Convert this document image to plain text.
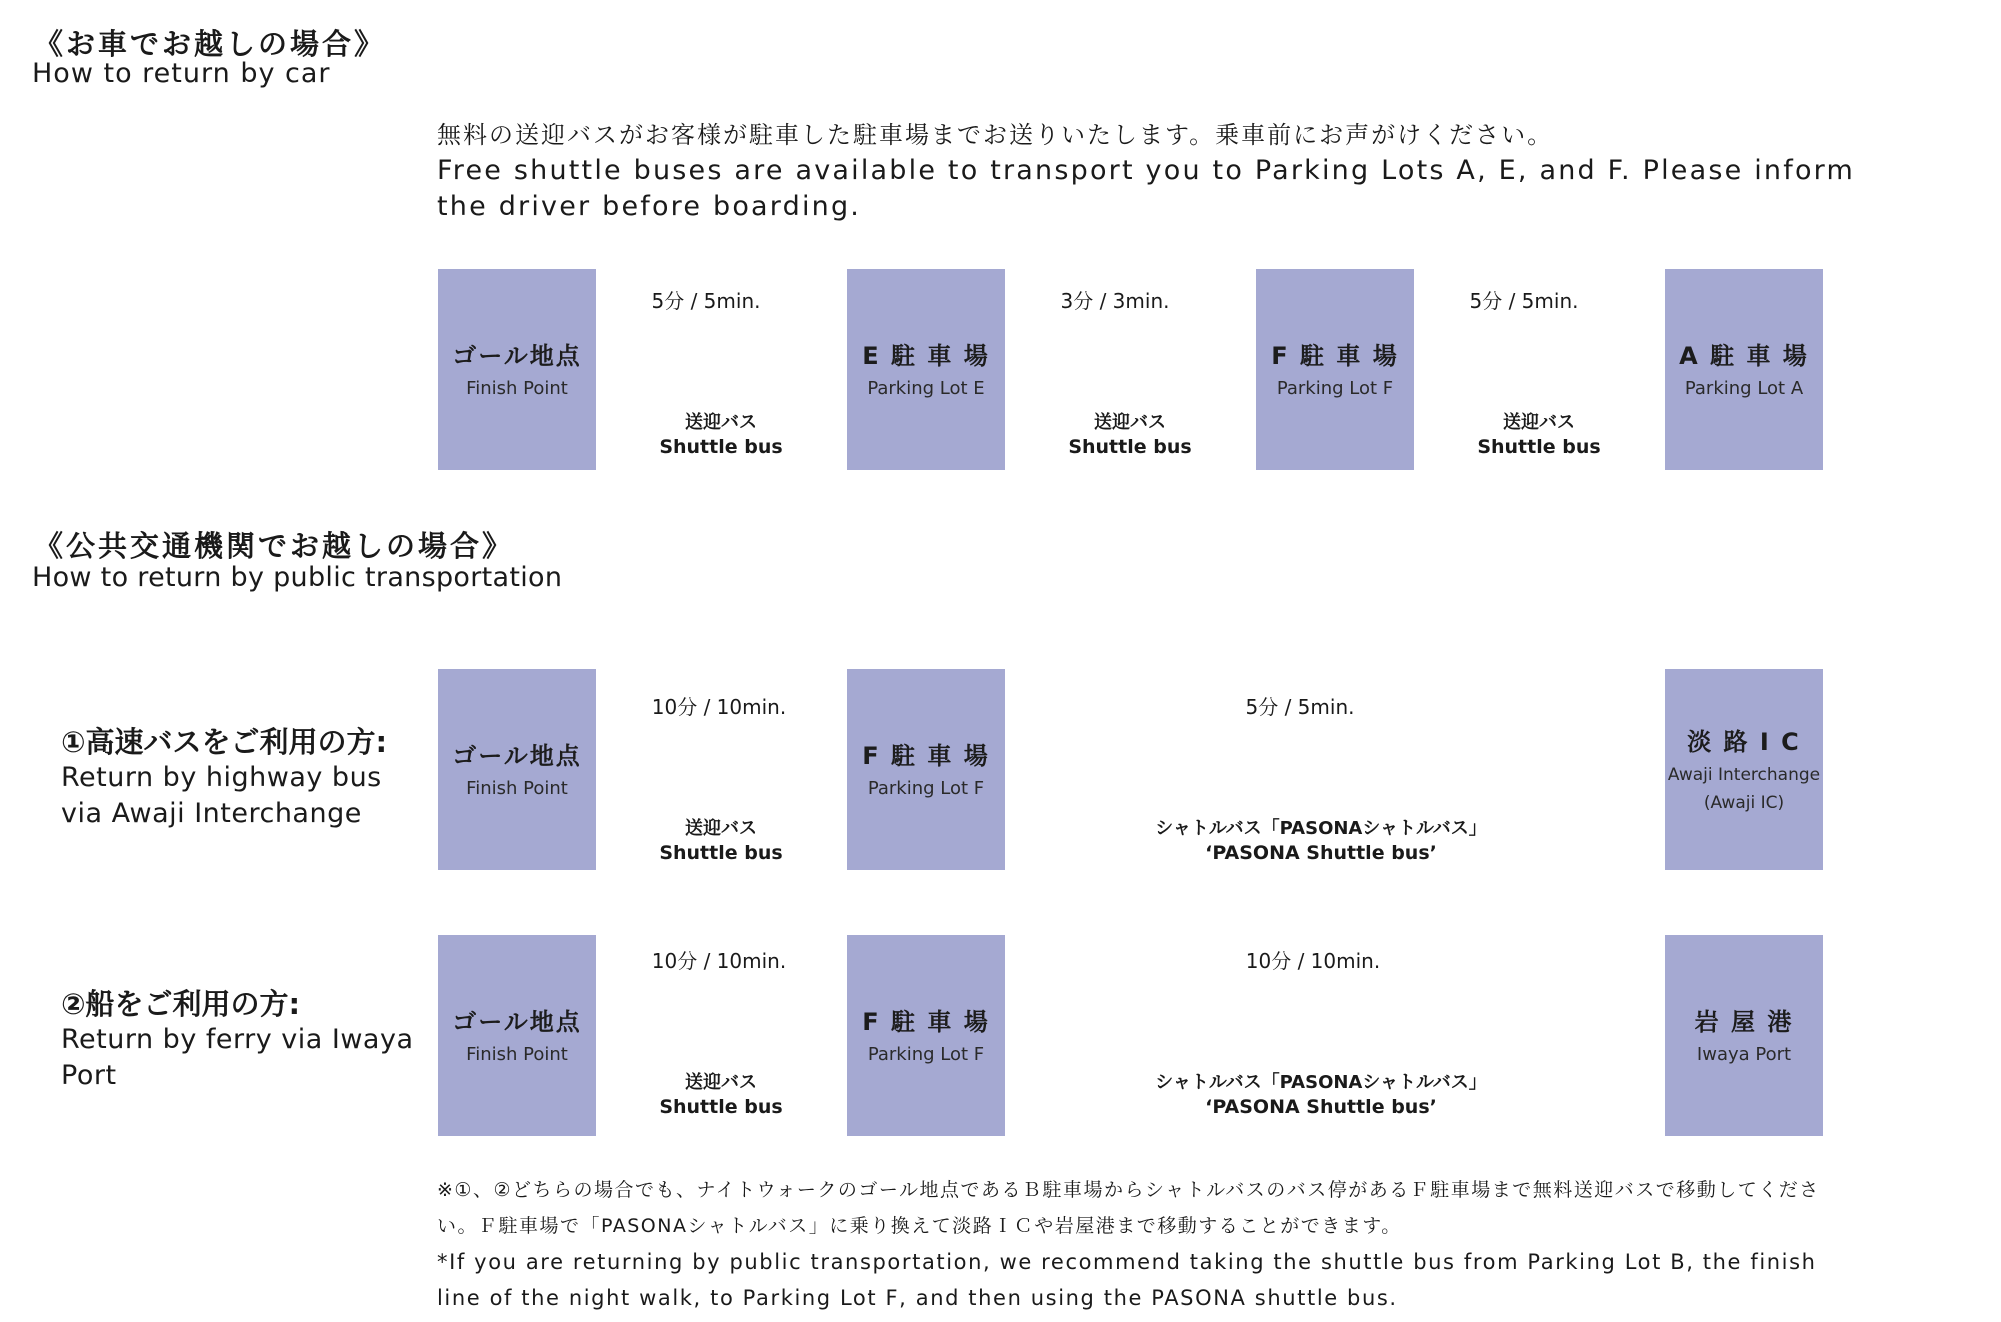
《お車でお越しの場合》
How to return by car
無料の送迎バスがお客様が駐車した駐車場までお送りいたします。乗車前にお声がけください。
Free shuttle buses are available to transport you to Parking Lots A, E, and F. Please inform the driver before boarding.
ゴール地点
Finish Point
E 駐 車 場
Parking Lot E
F 駐 車 場
Parking Lot F
A 駐 車 場
Parking Lot A
5分 / 5min.
送迎バス
Shuttle bus
3分 / 3min.
送迎バス
Shuttle bus
5分 / 5min.
送迎バス
Shuttle bus
《公共交通機関でお越しの場合》
How to return by public transportation
①高速バスをご利用の方:
Return by highway bus via Awaji Interchange
ゴール地点
Finish Point
F 駐 車 場
Parking Lot F
淡 路 I C
Awaji Interchange (Awaji IC)
10分 / 10min.
送迎バス
Shuttle bus
5分 / 5min.
シャトルバス「PASONAシャトルバス」
‘PASONA Shuttle bus’
②船をご利用の方:
Return by ferry via Iwaya Port
ゴール地点
Finish Point
F 駐 車 場
Parking Lot F
岩 屋 港
Iwaya Port
10分 / 10min.
送迎バス
Shuttle bus
10分 / 10min.
シャトルバス「PASONAシャトルバス」
‘PASONA Shuttle bus’
※①、②どちらの場合でも、ナイトウォークのゴール地点であるＢ駐車場からシャトルバスのバス停があるＦ駐車場まで無料送迎バスで移動してください。Ｆ駐車場で「PASONAシャトルバス」に乗り換えて淡路ＩＣや岩屋港まで移動することができます。
*If you are returning by public transportation, we recommend taking the shuttle bus from Parking Lot B, the finish line of the night walk, to Parking Lot F, and then using the PASONA shuttle bus.
